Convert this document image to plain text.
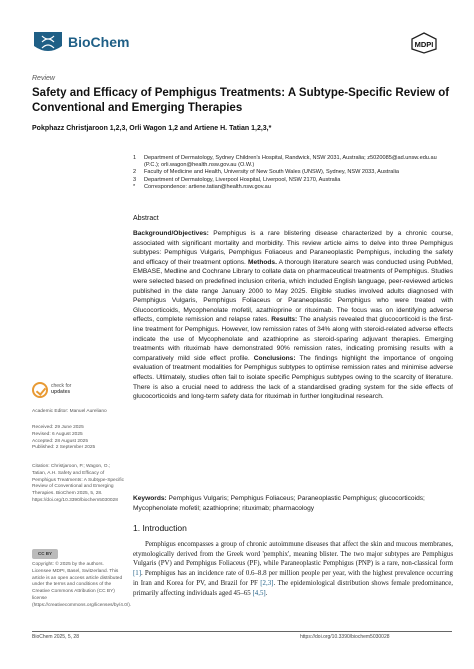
BioChem	MDPI
Review
Safety and Efficacy of Pemphigus Treatments: A Subtype-Specific Review of Conventional and Emerging Therapies
Pokphazz Christjaroon 1,2,3, Orli Wagon 1,2 and Artiene H. Tatian 1,2,3,*
1	Department of Dermatology, Sydney Children's Hospital, Randwick, NSW 2031, Australia; z5020085@ad.unsw.edu.au (P.C.); orli.wagon@health.nsw.gov.au (O.W.)
2	Faculty of Medicine and Health, University of New South Wales (UNSW), Sydney, NSW 2033, Australia
3	Department of Dermatology, Liverpool Hospital, Liverpool, NSW 2170, Australia
*	Correspondence: artiene.tatian@health.nsw.gov.au
Abstract
Background/Objectives: Pemphigus is a rare blistering disease characterized by a chronic course, associated with significant mortality and morbidity. This review article aims to delve into three Pemphigus subtypes: Pemphigus Vulgaris, Pemphigus Foliaceus and Paraneoplastic Pemphigus, including the safety and efficacy of their treatment options. Methods. A thorough literature search was conducted using PubMed, EMBASE, Medline and Cochrane Library to collate data on pharmaceutical treatments of Pemphigus. Studies were selected based on predefined inclusion criteria, which included English language, peer-reviewed articles published in the date range January 2000 to May 2025. Eligible studies involved adults diagnosed with Pemphigus Vulgaris, Pemphigus Foliaceus or Paraneoplastic Pemphigus who were treated with Glucocorticoids, Mycophenolate mofetil, azathioprine or rituximab. The focus was on identifying adverse effects, complete remission and relapse rates. Results: The analysis revealed that glucocorticoid is the first-line treatment for Pemphigus. However, low remission rates of 34% along with steroid-related adverse effects indicate the use of Mycophenolate and azathioprine as steroid-sparing adjuvant therapies. Emerging treatments with rituximab have demonstrated 90% remission rates, indicating promising results with a comparatively mild side effect profile. Conclusions: The findings highlight the importance of ongoing evaluation of treatment modalities for Pemphigus subtypes to optimise remission rates and minimise adverse effects. Ultimately, studies often fail to isolate specific Pemphigus subtypes owing to the scarcity of literature. There is also a crucial need to address the lack of a standardised grading system for the side effects of glucocorticoids and long-term safety data for rituximab in further longitudinal research.
Keywords: Pemphigus Vulgaris; Pemphigus Foliaceus; Paraneoplastic Pemphigus; glucocorticoids; Mycophenolate mofetil; azathioprine; rituximab; pharmacology
check for
updates
Academic Editor: Manuel Aureliano
Received: 29 June 2025
Revised: 6 August 2025
Accepted: 28 August 2025
Published: 2 September 2025
Citation: Christjaroon, P.; Wagon, O.; Tatian, A.H. Safety and Efficacy of Pemphigus Treatments: A Subtype-Specific Review of Conventional and Emerging Therapies. BioChem 2025, 5, 28. https://doi.org/10.3390/biochem5030028
CC BY
Copyright: © 2025 by the authors. Licensee MDPI, Basel, Switzerland. This article is an open access article distributed under the terms and conditions of the Creative Commons Attribution (CC BY) license (https://creativecommons.org/licenses/by/4.0/).
1. Introduction
Pemphigus encompasses a group of chronic autoimmune diseases that affect the skin and mucous membranes, etymologically derived from the Greek word 'pemphix', meaning blister. The two major subtypes are Pemphigus Vulgaris (PV) and Pemphigus Foliaceus (PF), while Paraneoplastic Pemphigus (PNP) is a rare, non-classical form [1]. Pemphigus has an incidence rate of 0.6–8.8 per million people per year, with the highest prevalence occurring in Iran and Korea for PV, and Brazil for PF [2,3]. The epidemiological distribution shows female predominance, primarily affecting individuals aged 45–65 [4,5].
BioChem 2025, 5, 28	https://doi.org/10.3390/biochem5030028
